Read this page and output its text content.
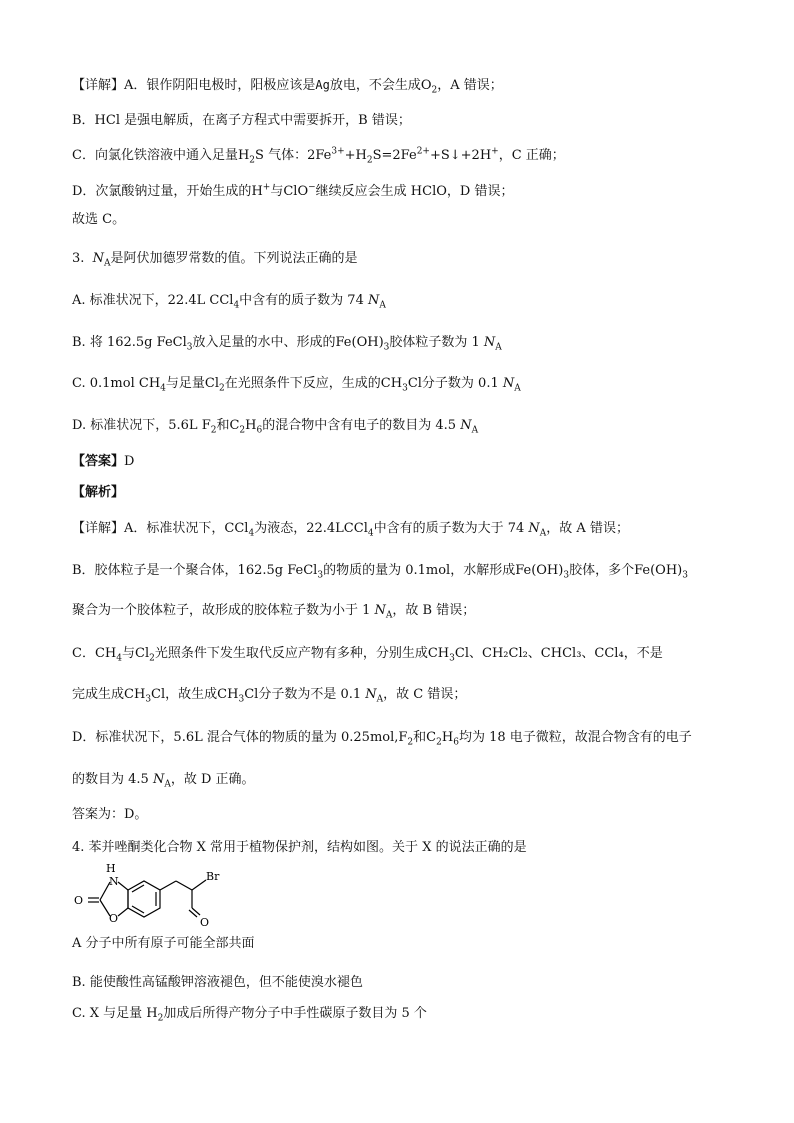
【详解】A．银作阴阳电极时，阳极应该是Ag放电，不会生成$O_2$，A 错误；
B．HCl 是强电解质，在离子方程式中需要拆开，B 错误；
C．向氯化铁溶液中通入足量$H_2S$ 气体：$2Fe^{3+}+H_2S=2Fe^{2+}+S↓+2H^+$，C 正确；
D．次氯酸钠过量，开始生成的H+与ClO−继续反应会生成 HClO，D 错误；
故选 C。
3. $N_A$是阿伏加德罗常数的值。下列说法正确的是
A. 标准状况下，22.4L CCl$_4$中含有的质子数为 74 $N_A$
B. 将 162.5g FeCl$_3$放入足量的水中、形成的$Fe(OH)_3$胶体粒子数为 1 $N_A$
C. 0.1mol $CH_4$与足量$Cl_2$在光照条件下反应，生成的$CH_3Cl$分子数为 0.1 $N_A$
D. 标准状况下，5.6L $F_2$和$C_2H_6$的混合物中含有电子的数目为 4.5 $N_A$
【答案】D
【解析】
【详解】A．标准状况下，CCl$_4$为液态，22.4LCCl$_4$中含有的质子数为大于 74 $N_A$，故 A 错误；
B．胶体粒子是一个聚合体，162.5g FeCl$_3$的物质的量为 0.1mol，水解形成$Fe(OH)_3$胶体，多个$Fe(OH)_3$
聚合为一个胶体粒子，故形成的胶体粒子数为小于 1 $N_A$，故 B 错误；
C．$CH_4$与$Cl_2$光照条件下发生取代反应产物有多种，分别生成$CH_3Cl$、CH₂Cl₂、CHCl₃、CCl₄，不是
完成生成$CH_3Cl$，故生成$CH_3Cl$分子数为不是 0.1 $N_A$，故 C 错误；
D．标准状况下，5.6L 混合气体的物质的量为 $0.25mol,F_2$和$C_2H_6$均为 18 电子微粒，故混合物含有的电子
的数目为 4.5 $N_A$，故 D 正确。
答案为：D。
4. 苯并唑酮类化合物 X 常用于植物保护剂，结构如图。关于 X 的说法正确的是
H
N
O
O
Br
O
A 分子中所有原子可能全部共面
B. 能使酸性高锰酸钾溶液褪色，但不能使溴水褪色
C. X 与足量 $H_2$加成后所得产物分子中手性碳原子数目为 5 个
